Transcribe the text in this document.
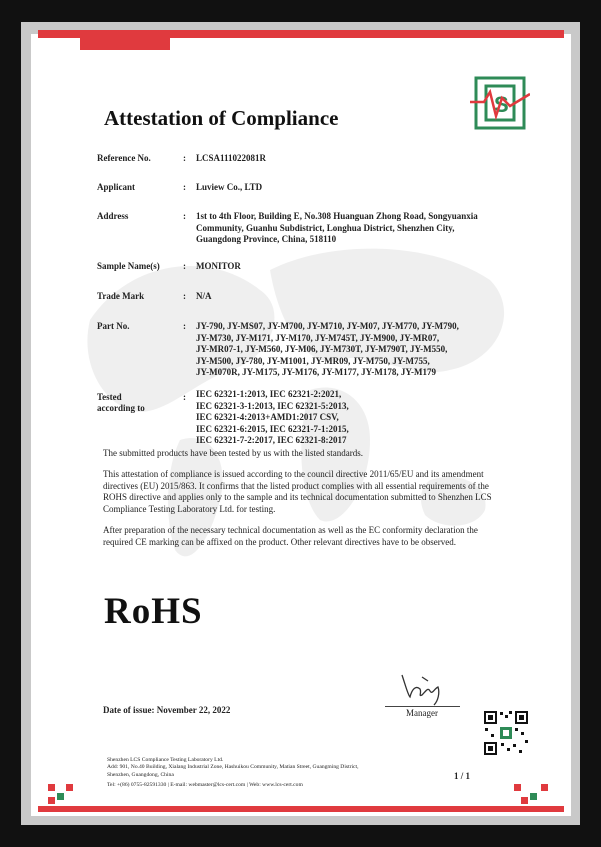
Attestation of Compliance
S
Reference No.	: LCSA111022081R
Applicant	: Luview Co., LTD
Address	: 1st to 4th Floor, Building E, No.308 Huanguan Zhong Road, Songyuanxia
Community, Guanhu Subdistrict, Longhua District, Shenzhen City,
Guangdong Province, China, 518110
Sample Name(s)	: MONITOR
Trade Mark	: N/A
Part No.	: JY-790, JY-MS07, JY-M700, JY-M710, JY-M07, JY-M770, JY-M790,
JY-M730, JY-M171, JY-M170, JY-M745T, JY-M900, JY-MR07,
JY-MR07-1, JY-M560, JY-M06, JY-M730T, JY-M790T, JY-M550,
JY-M500, JY-780, JY-M1001, JY-MR09, JY-M750, JY-M755,
JY-M070R, JY-M175, JY-M176, JY-M177, JY-M178, JY-M179
Tested
according to
: IEC 62321-1:2013, IEC 62321-2:2021,
IEC 62321-3-1:2013, IEC 62321-5:2013,
IEC 62321-4:2013+AMD1:2017 CSV,
IEC 62321-6:2015, IEC 62321-7-1:2015,
IEC 62321-7-2:2017, IEC 62321-8:2017
The submitted products have been tested by us with the listed standards.
This attestation of compliance is issued according to the council directive 2011/65/EU and its amendment directives (EU) 2015/863. It confirms that the listed product complies with all essential requirements of the ROHS directive and applies only to the sample and its technical documentation submitted to Shenzhen LCS Compliance Testing Laboratory Ltd. for testing.
After preparation of the necessary technical documentation as well as the EC conformity declaration the required CE marking can be affixed on the product. Other relevant directives have to be observed.
RoHS
Date of issue: November 22, 2022	Manager
Shenzhen LCS Compliance Testing Laboratory Ltd.
Add: 901, No.40 Building, Xialang Industrial Zone, Hashuikou Community, Matian Street, Guangming District,
Shenzhen, Guangdong, China
Tel: +(86) 0755-82591330 | E-mail: webmaster@lcs-cert.com | Web: www.lcs-cert.com
1 / 1
